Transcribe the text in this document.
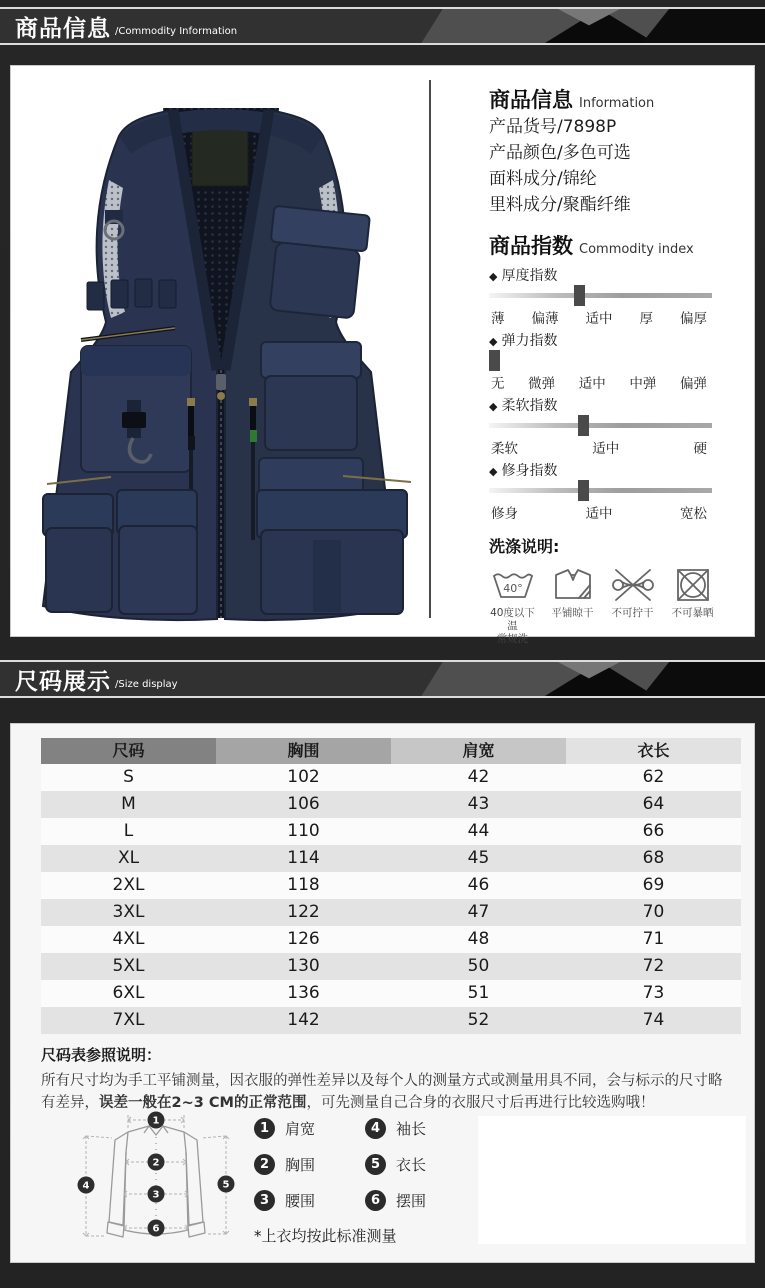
商品信息 /Commodity Information
商品信息 Information
产品货号/7898P
产品颜色/多色可选
面料成分/锦纶
里料成分/聚酯纤维
商品指数 Commodity index
◆ 厚度指数
薄 偏薄 适中 厚 偏厚
◆ 弹力指数
无 微弹 适中 中弹 偏弹
◆ 柔软指数
柔软	适中	硬
◆ 修身指数
修身	适中	宽松
洗涤说明:
40°
40度以下温
常规洗
平铺晾干 不可拧干 不可暴晒
尺码展示 /Size display
尺码	胸围	肩宽	衣长
S	102	42	62
M	106	43	64
L	110	44	66
XL	114	45	68
2XL	118	46	69
3XL	122	47	70
4XL	126	48	71
5XL	130	50	72
6XL	136	51	73
7XL	142	52	74
尺码表参照说明：
所有尺寸均为手工平铺测量，因衣服的弹性差异以及每个人的测量方式或测量用具不同，会与标示的尺寸略有差异，误差一般在2~3 CM的正常范围，可先测量自己合身的衣服尺寸后再进行比较选购哦！
1
2
3
6
4	5
1	肩宽	4	袖长
2	胸围	5	衣长
3	腰围	6	摆围
*上衣均按此标准测量
